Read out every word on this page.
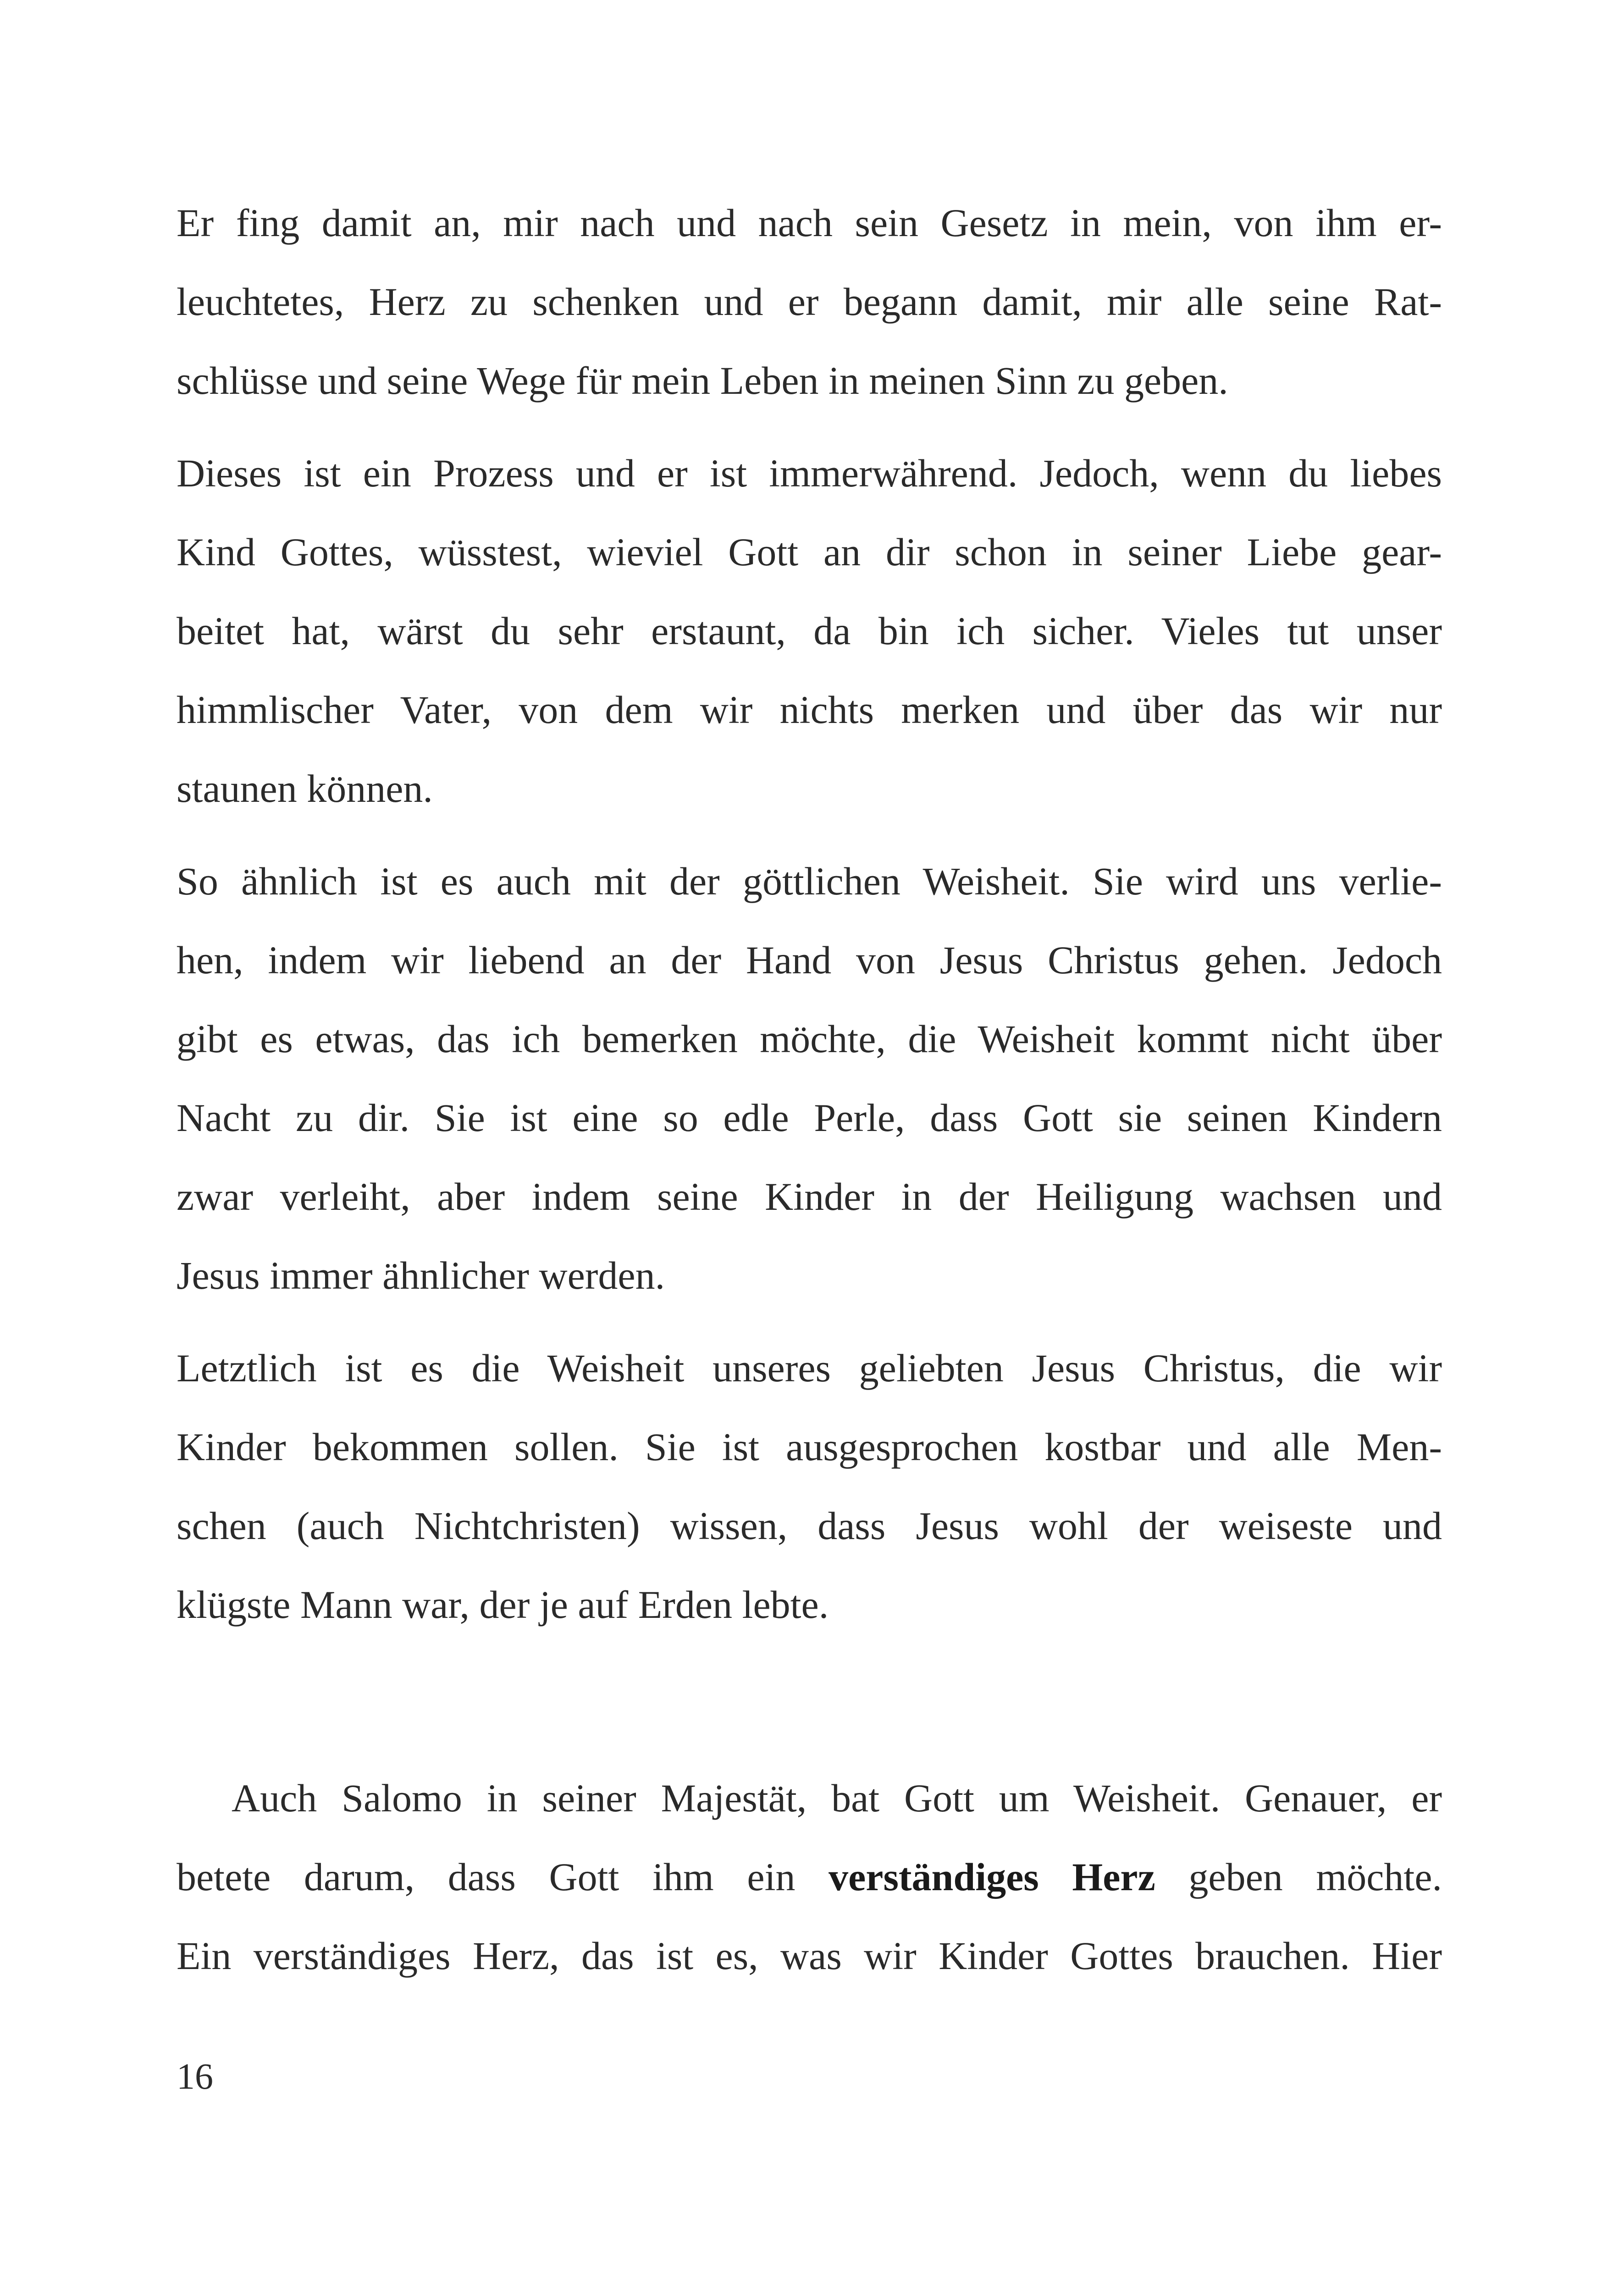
Er fing damit an, mir nach und nach sein Gesetz in mein, von ihm er-
leuchtetes, Herz zu schenken und er begann damit, mir alle seine Rat-
schlüsse und seine Wege für mein Leben in meinen Sinn zu geben.

Dieses ist ein Prozess und er ist immerwährend. Jedoch, wenn du liebes
Kind Gottes, wüsstest, wieviel Gott an dir schon in seiner Liebe gear-
beitet hat, wärst du sehr erstaunt, da bin ich sicher. Vieles tut unser
himmlischer Vater, von dem wir nichts merken und über das wir nur
staunen können.

So ähnlich ist es auch mit der göttlichen Weisheit. Sie wird uns verlie-
hen, indem wir liebend an der Hand von Jesus Christus gehen. Jedoch
gibt es etwas, das ich bemerken möchte, die Weisheit kommt nicht über
Nacht zu dir. Sie ist eine so edle Perle, dass Gott sie seinen Kindern
zwar verleiht, aber indem seine Kinder in der Heiligung wachsen und
Jesus immer ähnlicher werden.

Letztlich ist es die Weisheit unseres geliebten Jesus Christus, die wir
Kinder bekommen sollen. Sie ist ausgesprochen kostbar und alle Men-
schen (auch Nichtchristen) wissen, dass Jesus wohl der weiseste und
klügste Mann war, der je auf Erden lebte.

Auch Salomo in seiner Majestät, bat Gott um Weisheit. Genauer, er
betete darum, dass Gott ihm ein verständiges Herz geben möchte.
Ein verständiges Herz, das ist es, was wir Kinder Gottes brauchen. Hier

16
